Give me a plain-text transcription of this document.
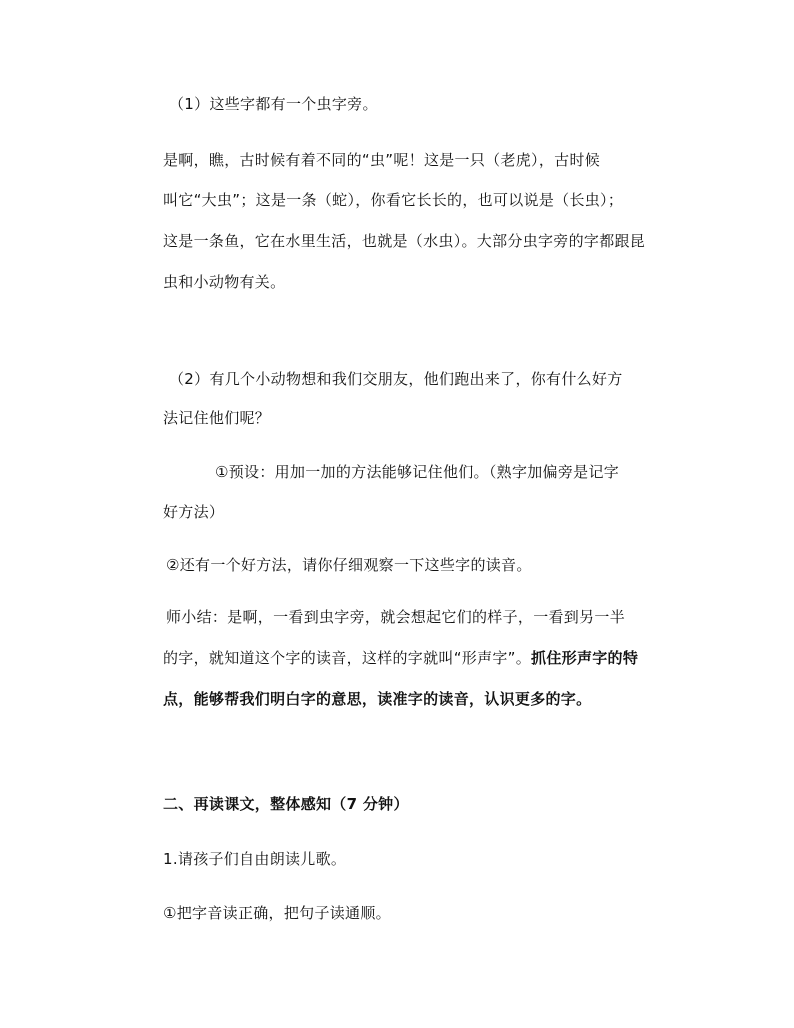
（1）这些字都有一个虫字旁。
是啊，瞧，古时候有着不同的“虫”呢！这是一只（老虎），古时候
叫它“大虫”；这是一条（蛇），你看它长长的，也可以说是（长虫）；
这是一条鱼，它在水里生活，也就是（水虫）。大部分虫字旁的字都跟昆
虫和小动物有关。
（2）有几个小动物想和我们交朋友，他们跑出来了，你有什么好方
法记住他们呢？
①预设：用加一加的方法能够记住他们。（熟字加偏旁是记字
好方法）
②还有一个好方法，请你仔细观察一下这些字的读音。
师小结：是啊，一看到虫字旁，就会想起它们的样子，一看到另一半
的字，就知道这个字的读音，这样的字就叫“形声字”。抓住形声字的特
点，能够帮我们明白字的意思，读准字的读音，认识更多的字。
二、再读课文，整体感知（7 分钟）
1.请孩子们自由朗读儿歌。
①把字音读正确，把句子读通顺。
